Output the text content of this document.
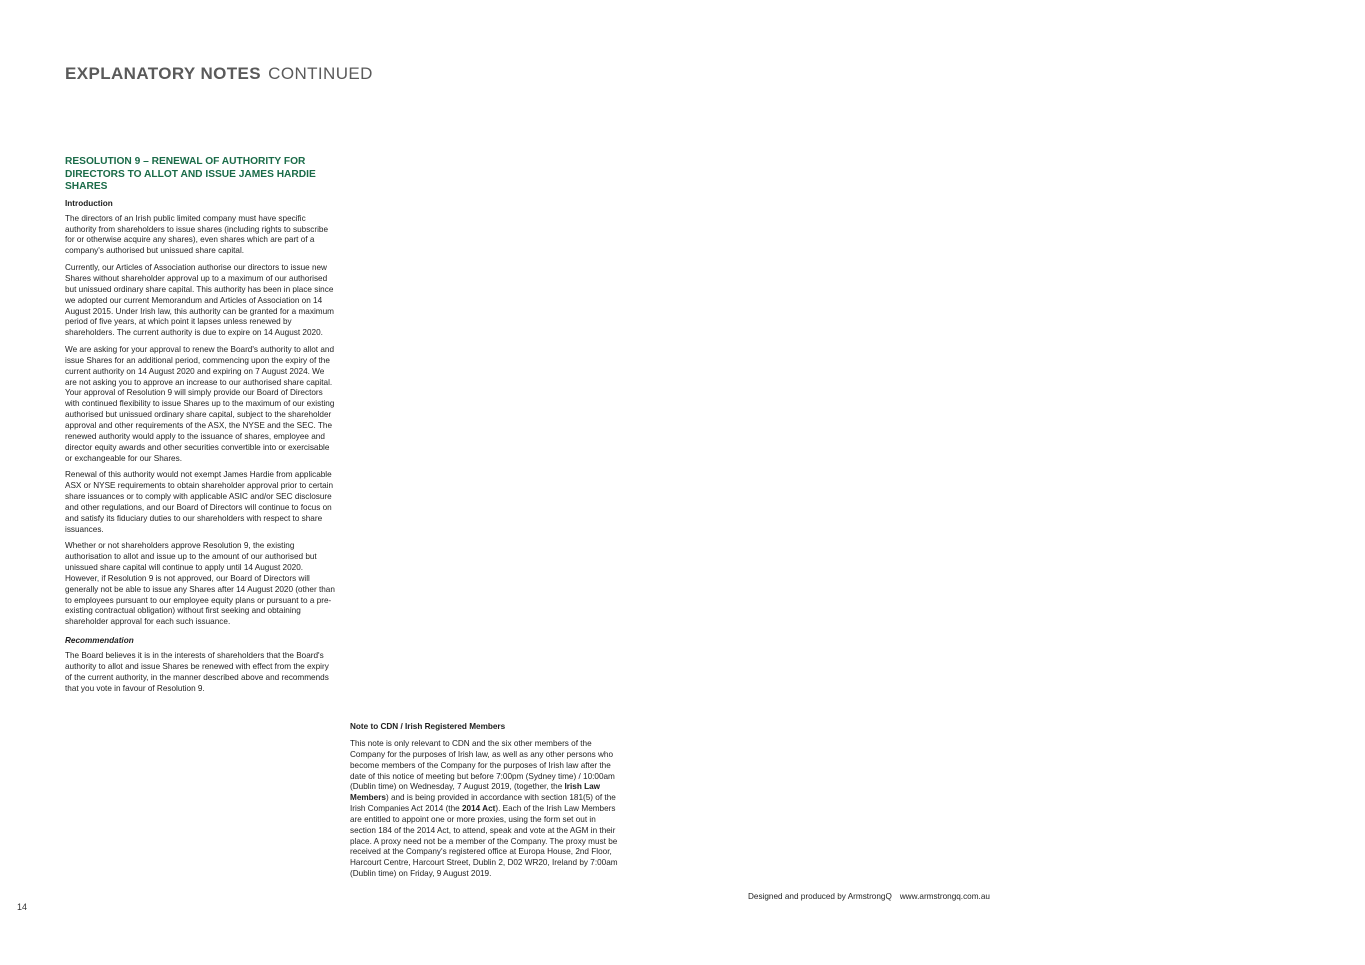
EXPLANATORY NOTES CONTINUED
RESOLUTION 9 – RENEWAL OF AUTHORITY FOR DIRECTORS TO ALLOT AND ISSUE JAMES HARDIE SHARES
Introduction

The directors of an Irish public limited company must have specific authority from shareholders to issue shares (including rights to subscribe for or otherwise acquire any shares), even shares which are part of a company's authorised but unissued share capital.

Currently, our Articles of Association authorise our directors to issue new Shares without shareholder approval up to a maximum of our authorised but unissued ordinary share capital. This authority has been in place since we adopted our current Memorandum and Articles of Association on 14 August 2015. Under Irish law, this authority can be granted for a maximum period of five years, at which point it lapses unless renewed by shareholders. The current authority is due to expire on 14 August 2020.

We are asking for your approval to renew the Board's authority to allot and issue Shares for an additional period, commencing upon the expiry of the current authority on 14 August 2020 and expiring on 7 August 2024. We are not asking you to approve an increase to our authorised share capital. Your approval of Resolution 9 will simply provide our Board of Directors with continued flexibility to issue Shares up to the maximum of our existing authorised but unissued ordinary share capital, subject to the shareholder approval and other requirements of the ASX, the NYSE and the SEC. The renewed authority would apply to the issuance of shares, employee and director equity awards and other securities convertible into or exercisable or exchangeable for our Shares.

Renewal of this authority would not exempt James Hardie from applicable ASX or NYSE requirements to obtain shareholder approval prior to certain share issuances or to comply with applicable ASIC and/or SEC disclosure and other regulations, and our Board of Directors will continue to focus on and satisfy its fiduciary duties to our shareholders with respect to share issuances.

Whether or not shareholders approve Resolution 9, the existing authorisation to allot and issue up to the amount of our authorised but unissued share capital will continue to apply until 14 August 2020. However, if Resolution 9 is not approved, our Board of Directors will generally not be able to issue any Shares after 14 August 2020 (other than to employees pursuant to our employee equity plans or pursuant to a pre-existing contractual obligation) without first seeking and obtaining shareholder approval for each such issuance.

Recommendation

The Board believes it is in the interests of shareholders that the Board's authority to allot and issue Shares be renewed with effect from the expiry of the current authority, in the manner described above and recommends that you vote in favour of Resolution 9.

Note to CDN / Irish Registered Members

This note is only relevant to CDN and the six other members of the Company for the purposes of Irish law, as well as any other persons who become members of the Company for the purposes of Irish law after the date of this notice of meeting but before 7:00pm (Sydney time) / 10:00am (Dublin time) on Wednesday, 7 August 2019, (together, the Irish Law Members) and is being provided in accordance with section 181(5) of the Irish Companies Act 2014 (the 2014 Act). Each of the Irish Law Members are entitled to appoint one or more proxies, using the form set out in section 184 of the 2014 Act, to attend, speak and vote at the AGM in their place. A proxy need not be a member of the Company. The proxy must be received at the Company's registered office at Europa House, 2nd Floor, Harcourt Centre, Harcourt Street, Dublin 2, D02 WR20, Ireland by 7:00am (Dublin time) on Friday, 9 August 2019.

14
Designed and produced by ArmstrongQ www.armstrongq.com.au
